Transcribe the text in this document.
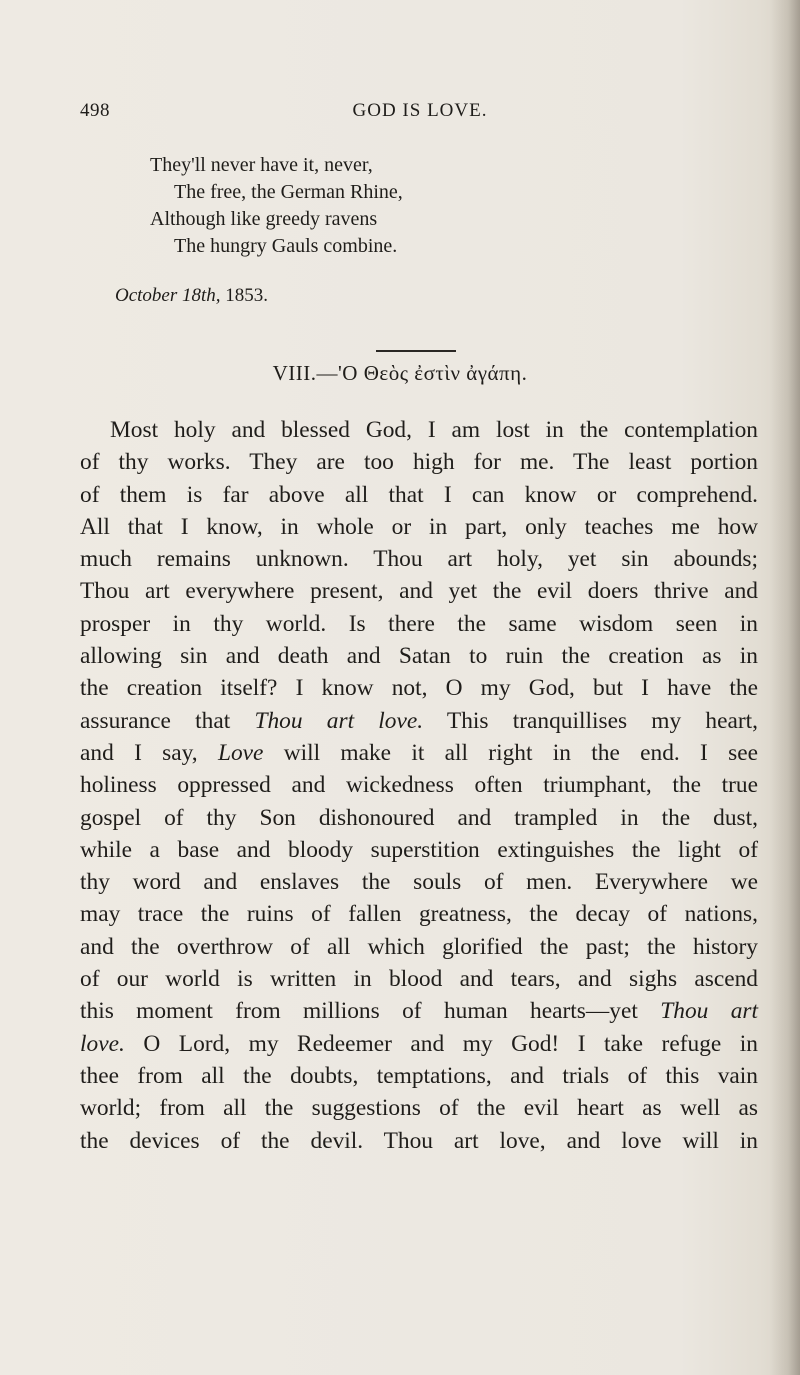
498	GOD IS LOVE.
They'll never have it, never,
The free, the German Rhine,
Although like greedy ravens
The hungry Gauls combine.
October 18th, 1853.
VIII.—'O Θεὸς ἐστὶν ἀγάπη.
Most holy and blessed God, I am lost in the contemplation
of thy works. They are too high for me. The least portion
of them is far above all that I can know or comprehend.
All that I know, in whole or in part, only teaches me how
much remains unknown. Thou art holy, yet sin abounds;
Thou art everywhere present, and yet the evil doers thrive and
prosper in thy world. Is there the same wisdom seen in
allowing sin and death and Satan to ruin the creation as in
the creation itself? I know not, O my God, but I have the
assurance that Thou art love. This tranquillises my heart,
and I say, Love will make it all right in the end. I see
holiness oppressed and wickedness often triumphant, the true
gospel of thy Son dishonoured and trampled in the dust,
while a base and bloody superstition extinguishes the light of
thy word and enslaves the souls of men. Everywhere we
may trace the ruins of fallen greatness, the decay of nations,
and the overthrow of all which glorified the past; the history
of our world is written in blood and tears, and sighs ascend
this moment from millions of human hearts—yet Thou art
love. O Lord, my Redeemer and my God! I take refuge in
thee from all the doubts, temptations, and trials of this vain
world; from all the suggestions of the evil heart as well as
the devices of the devil. Thou art love, and love will in
